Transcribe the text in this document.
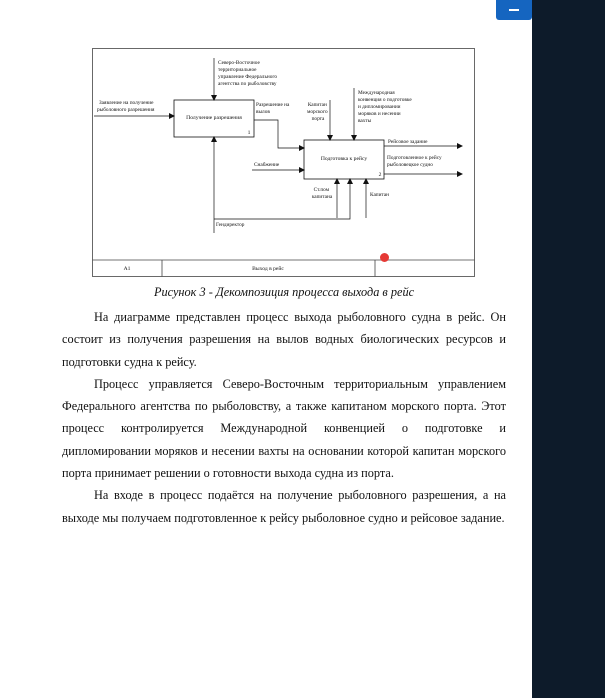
A1	Выход в рейс
Получение разрешения
1
Подготовка к рейсу
2
Северо-Восточное территориальное управление Федерального агентства по рыболовству
Заявление на получение рыболовного разрешения
Разрешение на вылов
Капитан морского порта
Международная конвенция о подготовке и дипломировании моряков и несении вахты
Снабжение
Рейсовое задание
Подготовленное к рейсу рыболовецкое судно
Ст.пом капитана	Капитан
Гендиректор
Рисунок 3 - Декомпозиция процесса выхода в рейс

На диаграмме представлен процесс выхода рыболовного судна в рейс. Он состоит из получения разрешения на вылов водных биологических ресурсов и подготовки судна к рейсу.

Процесс управляется Северо-Восточным территориальным управлением Федерального агентства по рыболовству, а также капитаном морского порта. Этот процесс контролируется Международной конвенцией о подготовке и дипломировании моряков и несении вахты на основании которой капитан морского порта принимает решении о готовности выхода судна из порта.

На входе в процесс подаётся на получение рыболовного разрешения, а на выходе мы получаем подготовленное к рейсу рыболовное судно и рейсовое задание.
